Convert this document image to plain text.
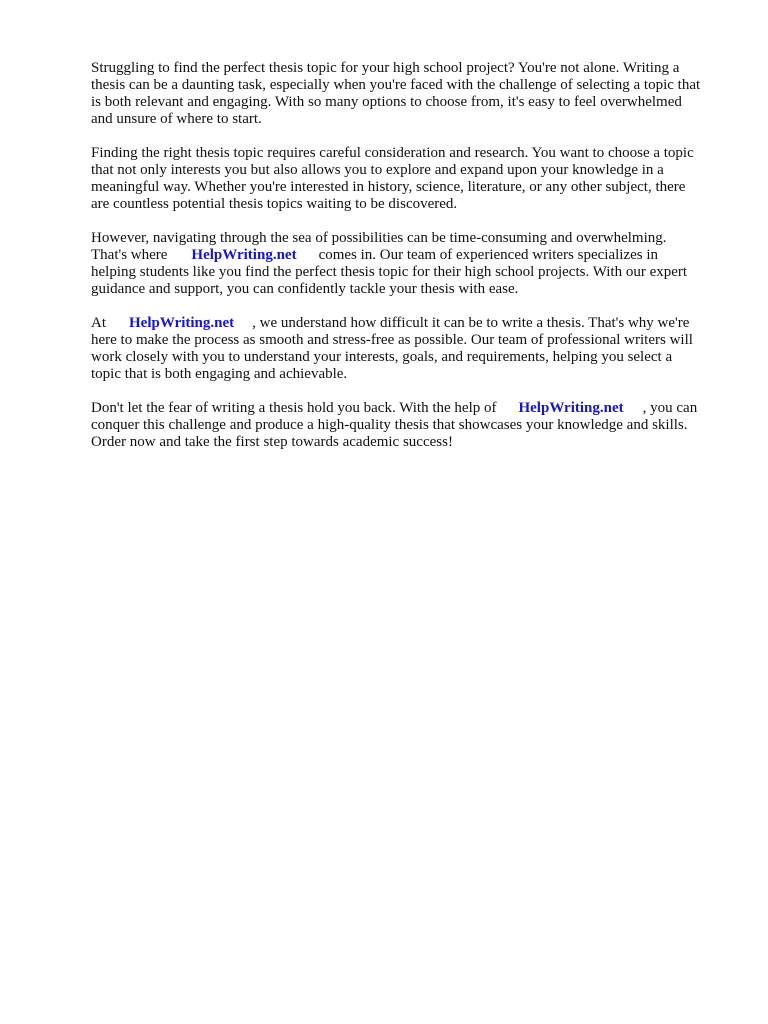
Struggling to find the perfect thesis topic for your high school project? You're not alone. Writing a
thesis can be a daunting task, especially when you're faced with the challenge of selecting a topic that
is both relevant and engaging. With so many options to choose from, it's easy to feel overwhelmed
and unsure of where to start.

Finding the right thesis topic requires careful consideration and research. You want to choose a topic
that not only interests you but also allows you to explore and expand upon your knowledge in a
meaningful way. Whether you're interested in history, science, literature, or any other subject, there
are countless potential thesis topics waiting to be discovered.

However, navigating through the sea of possibilities can be time-consuming and overwhelming.
That's where HelpWriting.net comes in. Our team of experienced writers specializes in
helping students like you find the perfect thesis topic for their high school projects. With our expert
guidance and support, you can confidently tackle your thesis with ease.

At HelpWriting.net , we understand how difficult it can be to write a thesis. That's why we're
here to make the process as smooth and stress-free as possible. Our team of professional writers will
work closely with you to understand your interests, goals, and requirements, helping you select a
topic that is both engaging and achievable.

Don't let the fear of writing a thesis hold you back. With the help of HelpWriting.net , you can
conquer this challenge and produce a high-quality thesis that showcases your knowledge and skills.
Order now and take the first step towards academic success!
